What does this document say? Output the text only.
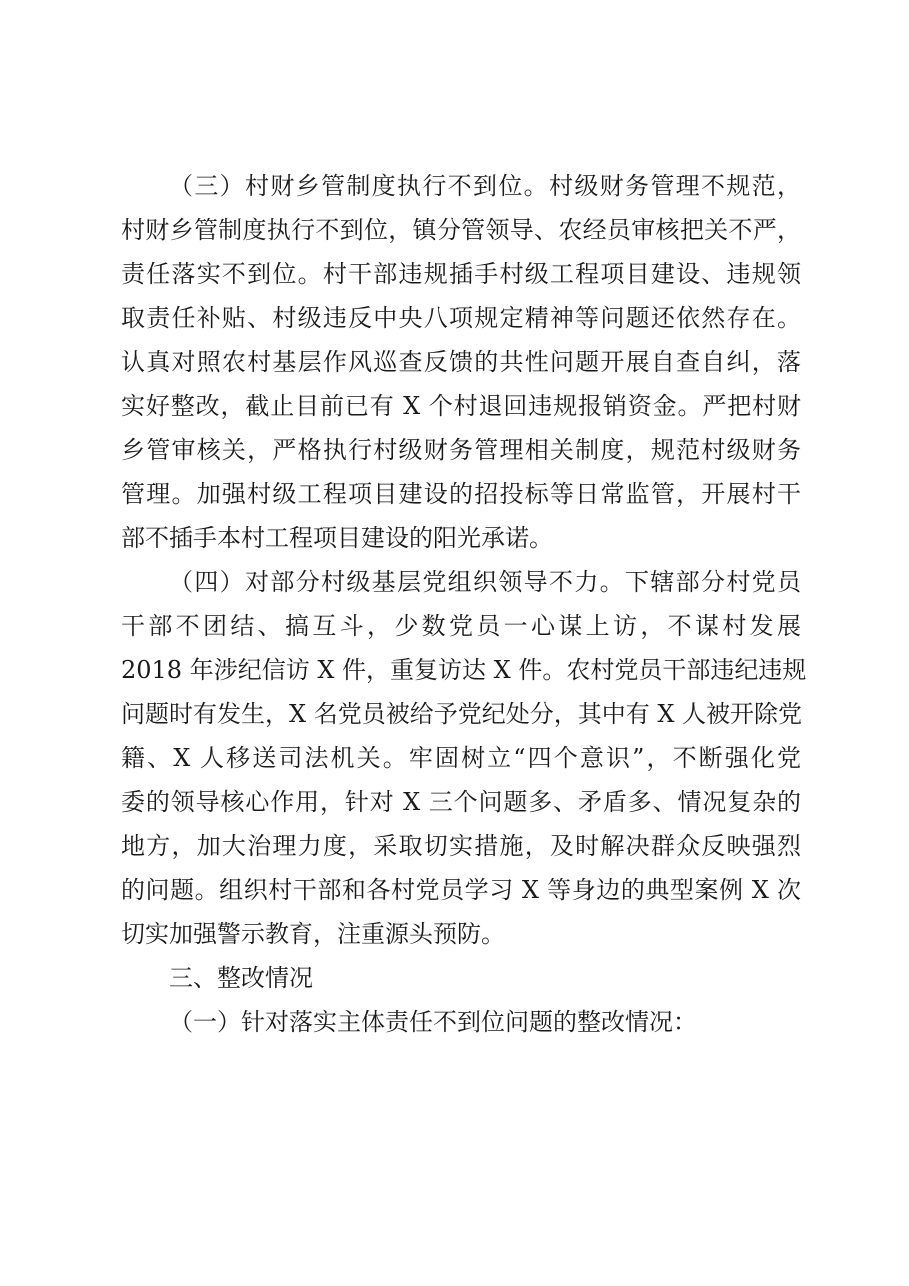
（三）村财乡管制度执行不到位。村级财务管理不规范，
村财乡管制度执行不到位，镇分管领导、农经员审核把关不严，
责任落实不到位。村干部违规插手村级工程项目建设、违规领
取责任补贴、村级违反中央八项规定精神等问题还依然存在。
认真对照农村基层作风巡查反馈的共性问题开展自查自纠，落
实好整改，截止目前已有 X 个村退回违规报销资金。严把村财
乡管审核关，严格执行村级财务管理相关制度，规范村级财务
管理。加强村级工程项目建设的招投标等日常监管，开展村干
部不插手本村工程项目建设的阳光承诺。
（四）对部分村级基层党组织领导不力。下辖部分村党员
干部不团结、搞互斗，少数党员一心谋上访，不谋村发展
2018 年涉纪信访 X 件，重复访达 X 件。农村党员干部违纪违规
问题时有发生，X 名党员被给予党纪处分，其中有 X 人被开除党
籍、X 人移送司法机关。牢固树立“四个意识”，不断强化党
委的领导核心作用，针对 X 三个问题多、矛盾多、情况复杂的
地方，加大治理力度，采取切实措施，及时解决群众反映强烈
的问题。组织村干部和各村党员学习 X 等身边的典型案例 X 次
切实加强警示教育，注重源头预防。
三、整改情况
（一）针对落实主体责任不到位问题的整改情况：
